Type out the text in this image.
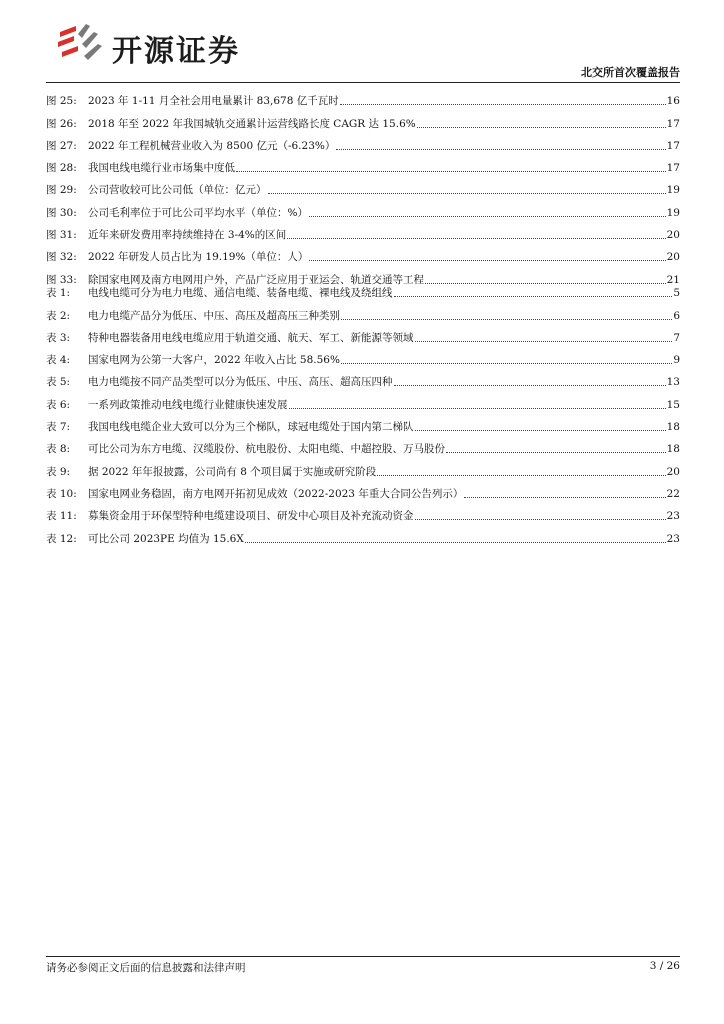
开源证券
北交所首次覆盖报告
图 25:	2023 年 1-11 月全社会用电量累计 83,678 亿千瓦时	16
图 26:	2018 年至 2022 年我国城轨交通累计运营线路长度 CAGR 达 15.6%	17
图 27:	2022 年工程机械营业收入为 8500 亿元（-6.23%）	17
图 28:	我国电线电缆行业市场集中度低	17
图 29:	公司营收较可比公司低（单位：亿元）	19
图 30:	公司毛利率位于可比公司平均水平（单位：%）	19
图 31:	近年来研发费用率持续维持在 3-4%的区间	20
图 32:	2022 年研发人员占比为 19.19%（单位：人）	20
图 33:	除国家电网及南方电网用户外，产品广泛应用于亚运会、轨道交通等工程	21
表 1:	电线电缆可分为电力电缆、通信电缆、装备电缆、裸电线及绕组线	5
表 2:	电力电缆产品分为低压、中压、高压及超高压三种类别	6
表 3:	特种电器装备用电线电缆应用于轨道交通、航天、军工、新能源等领域	7
表 4:	国家电网为公第一大客户，2022 年收入占比 58.56%	9
表 5:	电力电缆按不同产品类型可以分为低压、中压、高压、超高压四种	13
表 6:	一系列政策推动电线电缆行业健康快速发展	15
表 7:	我国电线电缆企业大致可以分为三个梯队，球冠电缆处于国内第二梯队	18
表 8:	可比公司为东方电缆、汉缆股份、杭电股份、太阳电缆、中超控股、万马股份	18
表 9:	据 2022 年年报披露，公司尚有 8 个项目属于实施或研究阶段	20
表 10:	国家电网业务稳固，南方电网开拓初见成效（2022-2023 年重大合同公告列示）	22
表 11:	募集资金用于环保型特种电缆建设项目、研发中心项目及补充流动资金	23
表 12:	可比公司 2023PE 均值为 15.6X	23
请务必参阅正文后面的信息披露和法律声明	3 / 26
